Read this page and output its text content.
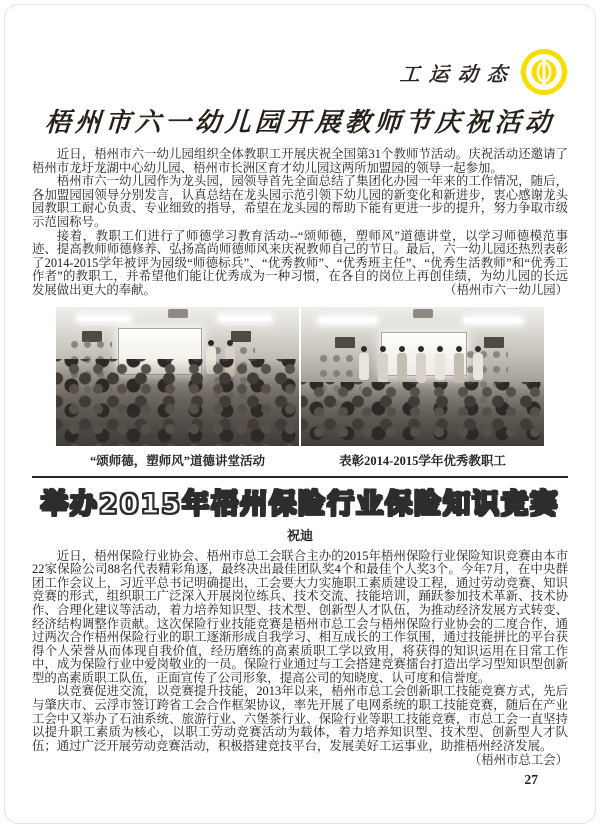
工运动态
梧州市六一幼儿园开展教师节庆祝活动

近日，梧州市六一幼儿园组织全体教职工开展庆祝全国第31个教师节活动。庆祝活动还邀请了梧州市龙圩龙湖中心幼儿园、梧州市长洲区育才幼儿园这两所加盟园的领导一起参加。

梧州市六一幼儿园作为龙头园，园领导首先全面总结了集团化办园一年来的工作情况，随后，各加盟园园领导分别发言，认真总结在龙头园示范引领下幼儿园的新变化和新进步，衷心感谢龙头园教职工耐心负责、专业细致的指导，希望在龙头园的帮助下能有更进一步的提升，努力争取市级示范园称号。

接着，教职工们进行了师德学习教育活动--“颂师德，塑师风”道德讲堂，以学习师德模范事迹、提高教师师德修养、弘扬高尚师德师风来庆祝教师自己的节日。最后，六一幼儿园还热烈表彰了2014-2015学年被评为园级“师德标兵”、“优秀教师”、“优秀班主任”、“优秀生活教师”和“优秀工作者”的教职工，并希望他们能让优秀成为一种习惯，在各自的岗位上再创佳绩，为幼儿园的长远发展做出更大的奉献。	（梧州市六一幼儿园）
“颂师德，塑师风”道德讲堂活动	表彰2014-2015学年优秀教职工
举办2015年梧州保险行业保险知识竞赛
祝迪

近日，梧州保险行业协会、梧州市总工会联合主办的2015年梧州保险行业保险知识竞赛由本市22家保险公司88名代表精彩角逐，最终决出最佳团队奖4个和最佳个人奖3个。今年7月，在中央群团工作会议上，习近平总书记明确提出，工会要大力实施职工素质建设工程，通过劳动竞赛、知识竞赛的形式，组织职工广泛深入开展岗位练兵、技术交流、技能培训，踊跃参加技术革新、技术协作、合理化建议等活动，着力培养知识型、技术型、创新型人才队伍，为推动经济发展方式转变、经济结构调整作贡献。这次保险行业技能竞赛是梧州市总工会与梧州保险行业协会的二度合作，通过两次合作梧州保险行业的职工逐渐形成自我学习、相互成长的工作氛围，通过技能拼比的平台获得个人荣誉从而体现自我价值，经历磨练的高素质职工学以致用，将获得的知识运用在日常工作中，成为保险行业中爱岗敬业的一员。保险行业通过与工会搭建竞赛擂台打造出学习型知识型创新型的高素质职工队伍，正面宣传了公司形象，提高公司的知晓度、认可度和信誉度。

以竞赛促进交流，以竞赛提升技能，2013年以来，梧州市总工会创新职工技能竞赛方式，先后与肇庆市、云浮市签订跨省工会合作框架协议，率先开展了电网系统的职工技能竞赛，随后在产业工会中又举办了石油系统、旅游行业、六堡茶行业、保险行业等职工技能竞赛，市总工会一直坚持以提升职工素质为核心，以职工劳动竞赛活动为载体，着力培养知识型、技术型、创新型人才队伍；通过广泛开展劳动竞赛活动，积极搭建竞技平台，发展美好工运事业，助推梧州经济发展。

（梧州市总工会）
27
